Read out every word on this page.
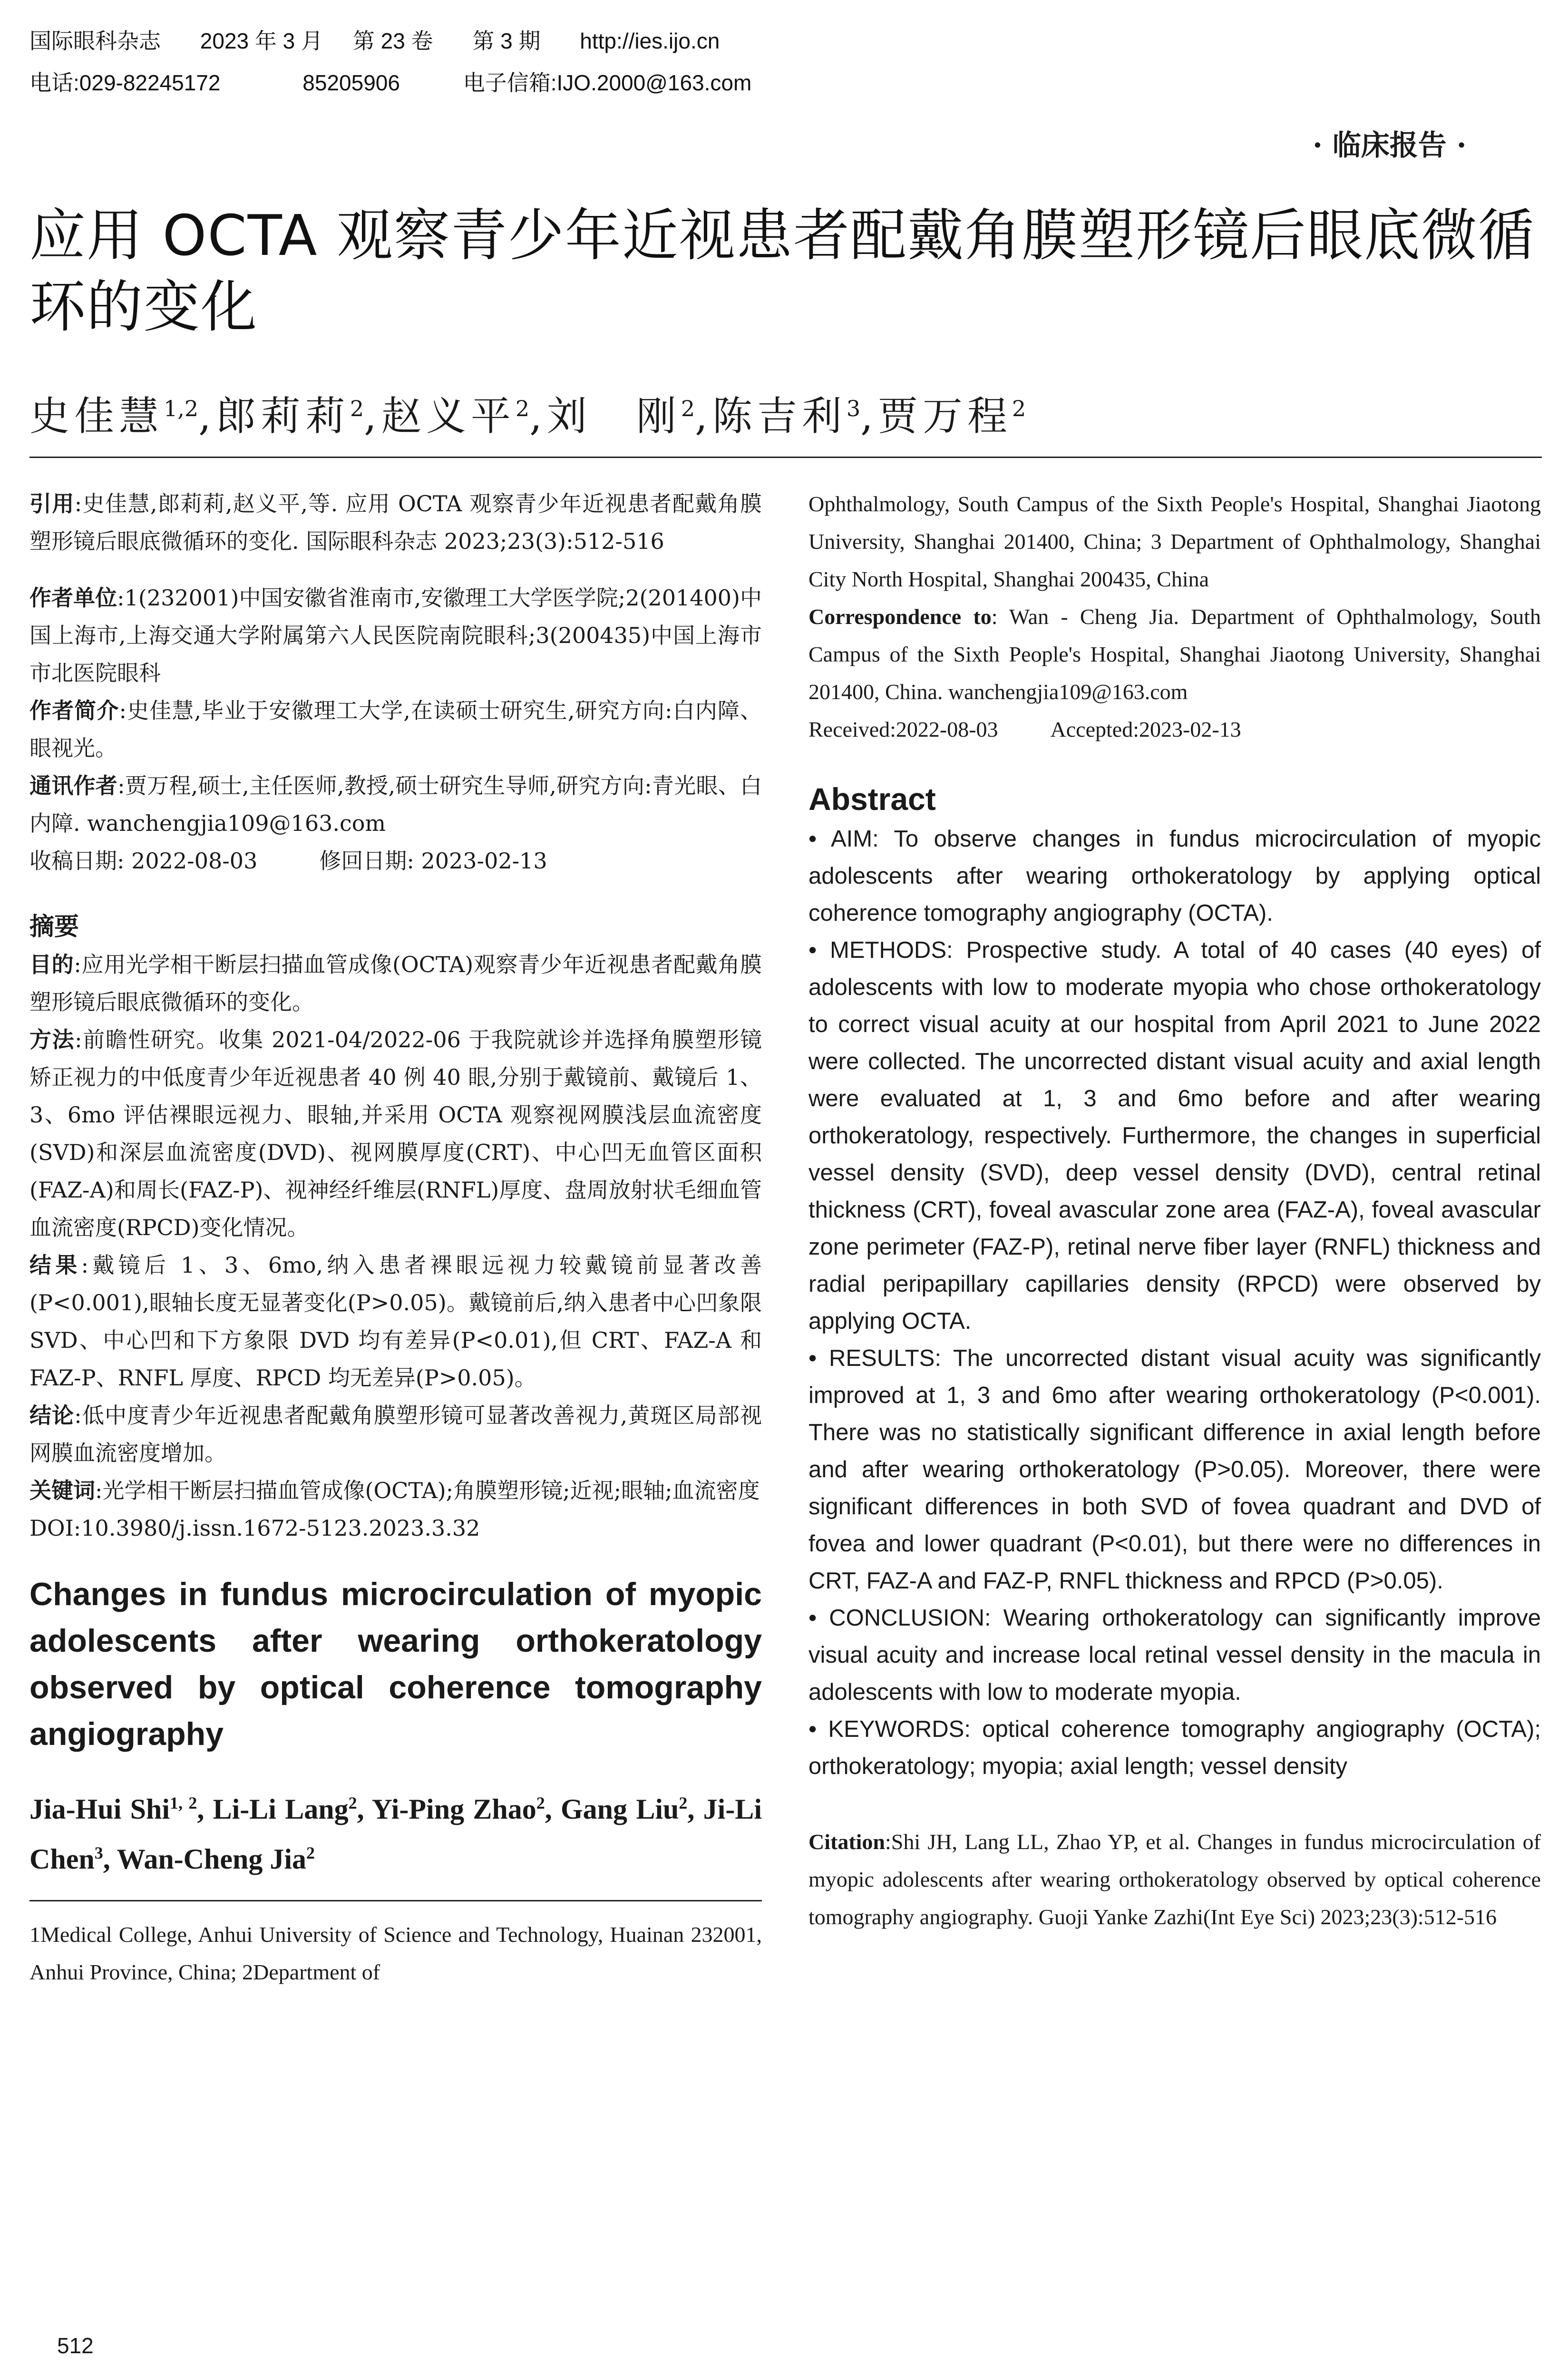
国际眼科杂志 2023 年 3 月 第 23 卷 第 3 期 http://ies.ijo.cn
电话:029-82245172	85205906	电子信箱:IJO.2000@163.com
· 临床报告 ·
应用 OCTA 观察青少年近视患者配戴角膜塑形镜后眼底微循环的变化
史佳慧$^{1,2}$,郎莉莉$^2$,赵义平$^2$,刘　刚$^2$,陈吉利$^3$,贾万程$^2$

引用:史佳慧,郎莉莉,赵义平,等. 应用 OCTA 观察青少年近视患者配戴角膜塑形镜后眼底微循环的变化. 国际眼科杂志 2023;23(3):512-516

作者单位:1(232001)中国安徽省淮南市,安徽理工大学医学院;2(201400)中国上海市,上海交通大学附属第六人民医院南院眼科;3(200435)中国上海市市北医院眼科

作者简介:史佳慧,毕业于安徽理工大学,在读硕士研究生,研究方向:白内障、眼视光。

通讯作者:贾万程,硕士,主任医师,教授,硕士研究生导师,研究方向:青光眼、白内障. wanchengjia109@163.com

收稿日期: 2022-08-03	修回日期: 2023-02-13

摘要

目的:应用光学相干断层扫描血管成像(OCTA)观察青少年近视患者配戴角膜塑形镜后眼底微循环的变化。

方法:前瞻性研究。收集 2021-04/2022-06 于我院就诊并选择角膜塑形镜矫正视力的中低度青少年近视患者 40 例 40 眼,分别于戴镜前、戴镜后 1、3、6mo 评估裸眼远视力、眼轴,并采用 OCTA 观察视网膜浅层血流密度(SVD)和深层血流密度(DVD)、视网膜厚度(CRT)、中心凹无血管区面积(FAZ-A)和周长(FAZ-P)、视神经纤维层(RNFL)厚度、盘周放射状毛细血管血流密度(RPCD)变化情况。

结果:戴镜后 1、3、6mo,纳入患者裸眼远视力较戴镜前显著改善(P<0.001),眼轴长度无显著变化(P>0.05)。戴镜前后,纳入患者中心凹象限 SVD、中心凹和下方象限 DVD 均有差异(P<0.01),但 CRT、FAZ-A 和 FAZ-P、RNFL 厚度、RPCD 均无差异(P>0.05)。

结论:低中度青少年近视患者配戴角膜塑形镜可显著改善视力,黄斑区局部视网膜血流密度增加。

关键词:光学相干断层扫描血管成像(OCTA);角膜塑形镜;近视;眼轴;血流密度

DOI:10.3980/j.issn.1672-5123.2023.3.32

Changes in fundus microcirculation of myopic adolescents after wearing orthokeratology observed by optical coherence tomography angiography

Jia-Hui Shi$^{1, 2}$, Li-Li Lang$^2$, Yi-Ping Zhao$^2$, Gang Liu$^2$, Ji-Li Chen$^3$, Wan-Cheng Jia$^2$

1Medical College, Anhui University of Science and Technology, Huainan 232001, Anhui Province, China; 2Department of

Ophthalmology, South Campus of the Sixth People's Hospital, Shanghai Jiaotong University, Shanghai 201400, China; 3 Department of Ophthalmology, Shanghai City North Hospital, Shanghai 200435, China

Correspondence to: Wan - Cheng Jia. Department of Ophthalmology, South Campus of the Sixth People's Hospital, Shanghai Jiaotong University, Shanghai 201400, China. wanchengjia109@163.com

Received:2022-08-03 Accepted:2023-02-13

Abstract

• AIM: To observe changes in fundus microcirculation of myopic adolescents after wearing orthokeratology by applying optical coherence tomography angiography (OCTA).

• METHODS: Prospective study. A total of 40 cases (40 eyes) of adolescents with low to moderate myopia who chose orthokeratology to correct visual acuity at our hospital from April 2021 to June 2022 were collected. The uncorrected distant visual acuity and axial length were evaluated at 1, 3 and 6mo before and after wearing orthokeratology, respectively. Furthermore, the changes in superficial vessel density (SVD), deep vessel density (DVD), central retinal thickness (CRT), foveal avascular zone area (FAZ-A), foveal avascular zone perimeter (FAZ-P), retinal nerve fiber layer (RNFL) thickness and radial peripapillary capillaries density (RPCD) were observed by applying OCTA.

• RESULTS: The uncorrected distant visual acuity was significantly improved at 1, 3 and 6mo after wearing orthokeratology (P<0.001). There was no statistically significant difference in axial length before and after wearing orthokeratology (P>0.05). Moreover, there were significant differences in both SVD of fovea quadrant and DVD of fovea and lower quadrant (P<0.01), but there were no differences in CRT, FAZ-A and FAZ-P, RNFL thickness and RPCD (P>0.05).

• CONCLUSION: Wearing orthokeratology can significantly improve visual acuity and increase local retinal vessel density in the macula in adolescents with low to moderate myopia.

• KEYWORDS: optical coherence tomography angiography (OCTA); orthokeratology; myopia; axial length; vessel density

Citation:Shi JH, Lang LL, Zhao YP, et al. Changes in fundus microcirculation of myopic adolescents after wearing orthokeratology observed by optical coherence tomography angiography. Guoji Yanke Zazhi(Int Eye Sci) 2023;23(3):512-516

512
